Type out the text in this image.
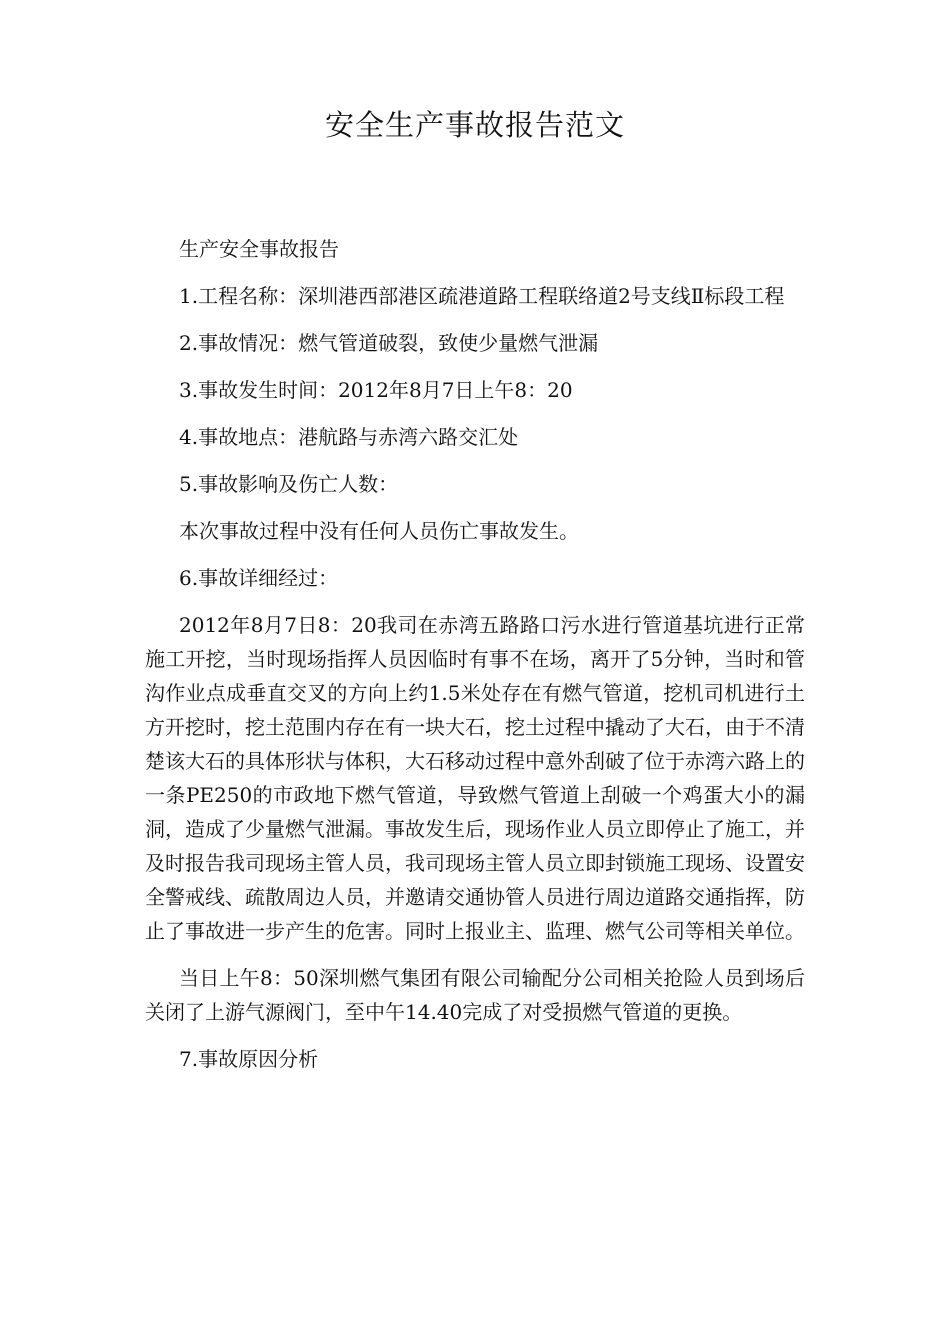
安全生产事故报告范文

生产安全事故报告

1.工程名称：深圳港西部港区疏港道路工程联络道2号支线Ⅱ标段工程

2.事故情况：燃气管道破裂，致使少量燃气泄漏

3.事故发生时间：2012年8月7日上午8：20

4.事故地点：港航路与赤湾六路交汇处

5.事故影响及伤亡人数：

本次事故过程中没有任何人员伤亡事故发生。

6.事故详细经过：

2012年8月7日8：20我司在赤湾五路路口污水进行管道基坑进行正常施工开挖，当时现场指挥人员因临时有事不在场，离开了5分钟，当时和管沟作业点成垂直交叉的方向上约1.5米处存在有燃气管道，挖机司机进行土方开挖时，挖土范围内存在有一块大石，挖土过程中撬动了大石，由于不清楚该大石的具体形状与体积，大石移动过程中意外刮破了位于赤湾六路上的一条PE250的市政地下燃气管道，导致燃气管道上刮破一个鸡蛋大小的漏洞，造成了少量燃气泄漏。事故发生后，现场作业人员立即停止了施工，并及时报告我司现场主管人员，我司现场主管人员立即封锁施工现场、设置安全警戒线、疏散周边人员，并邀请交通协管人员进行周边道路交通指挥，防止了事故进一步产生的危害。同时上报业主、监理、燃气公司等相关单位。

当日上午8：50深圳燃气集团有限公司输配分公司相关抢险人员到场后关闭了上游气源阀门，至中午14.40完成了对受损燃气管道的更换。

7.事故原因分析
